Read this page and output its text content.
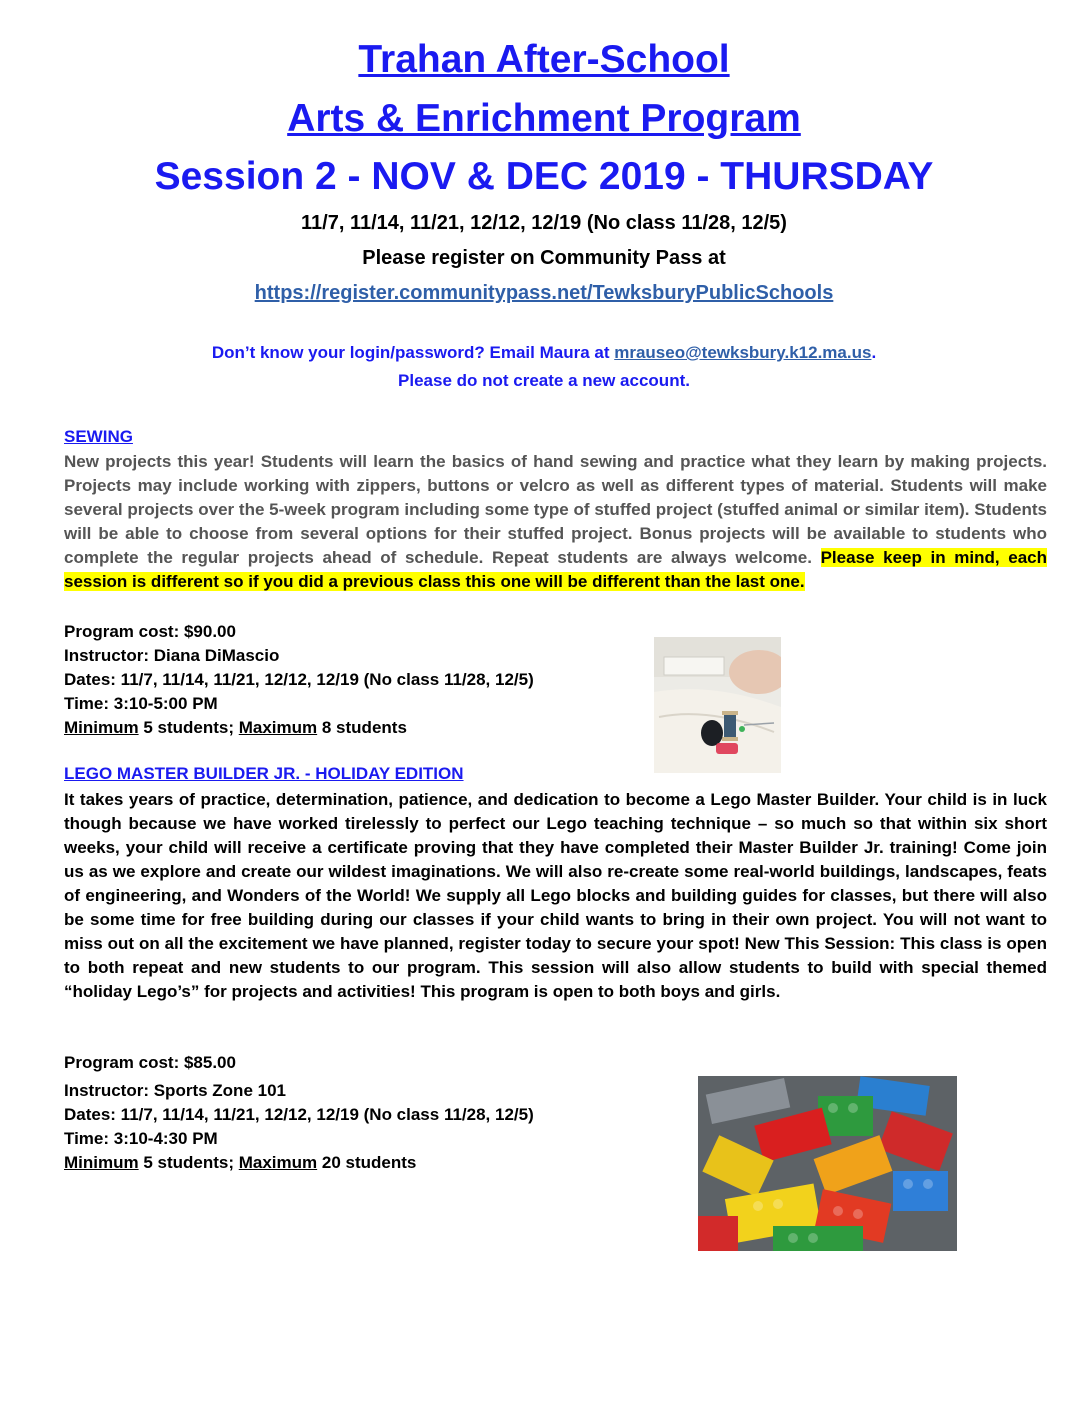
Trahan After-School
Arts & Enrichment Program
Session 2 - NOV & DEC 2019 - THURSDAY
11/7, 11/14, 11/21, 12/12, 12/19 (No class 11/28, 12/5)
Please register on Community Pass at
https://register.communitypass.net/TewksburyPublicSchools
Don’t know your login/password? Email Maura at mrauseo@tewksbury.k12.ma.us.
Please do not create a new account.
SEWING
New projects this year! Students will learn the basics of hand sewing and practice what they learn by making projects. Projects may include working with zippers, buttons or velcro as well as different types of material. Students will make several projects over the 5-week program including some type of stuffed project (stuffed animal or similar item). Students will be able to choose from several options for their stuffed project. Bonus projects will be available to students who complete the regular projects ahead of schedule. Repeat students are always welcome. Please keep in mind, each session is different so if you did a previous class this one will be different than the last one.
Program cost: $90.00
Instructor: Diana DiMascio
Dates: 11/7, 11/14, 11/21, 12/12, 12/19 (No class 11/28, 12/5)
Time: 3:10-5:00 PM
Minimum 5 students; Maximum 8 students
LEGO MASTER BUILDER JR. - HOLIDAY EDITION
It takes years of practice, determination, patience, and dedication to become a Lego Master Builder. Your child is in luck though because we have worked tirelessly to perfect our Lego teaching technique – so much so that within six short weeks, your child will receive a certificate proving that they have completed their Master Builder Jr. training! Come join us as we explore and create our wildest imaginations. We will also re-create some real-world buildings, landscapes, feats of engineering, and Wonders of the World! We supply all Lego blocks and building guides for classes, but there will also be some time for free building during our classes if your child wants to bring in their own project. You will not want to miss out on all the excitement we have planned, register today to secure your spot! New This Session: This class is open to both repeat and new students to our program. This session will also allow students to build with special themed “holiday Lego’s” for projects and activities! This program is open to both boys and girls.
Program cost: $85.00
Instructor: Sports Zone 101
Dates: 11/7, 11/14, 11/21, 12/12, 12/19 (No class 11/28, 12/5)
Time: 3:10-4:30 PM
Minimum 5 students; Maximum 20 students
